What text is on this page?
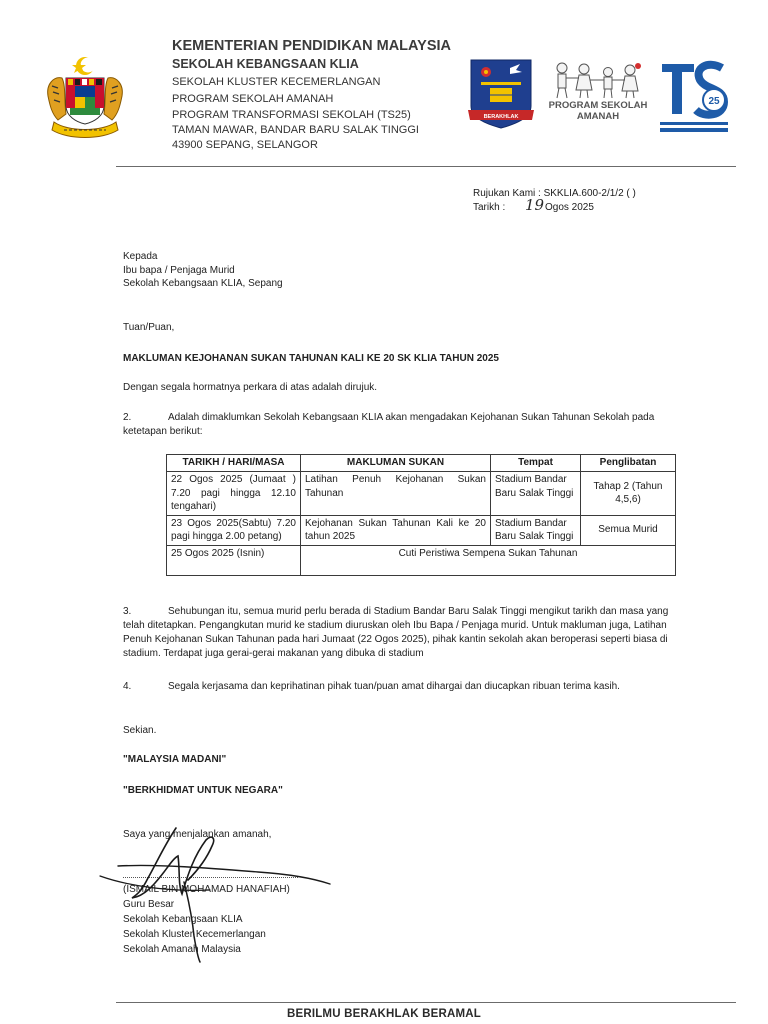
KEMENTERIAN PENDIDIKAN MALAYSIA
SEKOLAH KEBANGSAAN KLIA
SEKOLAH KLUSTER KECEMERLANGAN
PROGRAM SEKOLAH AMANAH
PROGRAM TRANSFORMASI SEKOLAH (TS25)
TAMAN MAWAR, BANDAR BARU SALAK TINGGI
43900 SEPANG, SELANGOR
BERAKHLAK
PROGRAM SEKOLAH AMANAH
25
Rujukan Kami : SKKLIA.600-2/1/2 ( )
Tarikh : 19 Ogos 2025
Kepada
Ibu bapa / Penjaga Murid
Sekolah Kebangsaan KLIA, Sepang
Tuan/Puan,
MAKLUMAN KEJOHANAN SUKAN TAHUNAN KALI KE 20 SK KLIA TAHUN 2025
Dengan segala hormatnya perkara di atas adalah dirujuk.
2.	Adalah dimaklumkan Sekolah Kebangsaan KLIA akan mengadakan Kejohanan Sukan Tahunan Sekolah pada ketetapan berikut:
TARIKH / HARI/MASA	MAKLUMAN SUKAN	Tempat	Penglibatan
22 Ogos 2025 (Jumaat ) 7.20 pagi hingga 12.10 tengahari)	Latihan Penuh Kejohanan Sukan Tahunan	Stadium Bandar Baru Salak Tinggi	Tahap 2 (Tahun 4,5,6)
23 Ogos 2025(Sabtu) 7.20 pagi hingga 2.00 petang)	Kejohanan Sukan Tahunan Kali ke 20 tahun 2025	Stadium Bandar Baru Salak Tinggi	Semua Murid
25 Ogos 2025 (Isnin)	Cuti Peristiwa Sempena Sukan Tahunan		
3.	Sehubungan itu, semua murid perlu berada di Stadium Bandar Baru Salak Tinggi mengikut tarikh dan masa yang telah ditetapkan. Pengangkutan murid ke stadium diuruskan oleh Ibu Bapa / Penjaga murid. Untuk makluman juga, Latihan Penuh Kejohanan Sukan Tahunan pada hari Jumaat (22 Ogos 2025), pihak kantin sekolah akan beroperasi seperti biasa di stadium. Terdapat juga gerai-gerai makanan yang dibuka di stadium
4.	Segala kerjasama dan keprihatinan pihak tuan/puan amat dihargai dan diucapkan ribuan terima kasih.
Sekian.
"MALAYSIA MADANI"
"BERKHIDMAT UNTUK NEGARA"
Saya yang menjalankan amanah,
(ISMAIL BIN MOHAMAD HANAFIAH)
Guru Besar
Sekolah Kebangsaan KLIA
Sekolah Kluster Kecemerlangan
Sekolah Amanah Malaysia
BERILMU BERAKHLAK BERAMAL
